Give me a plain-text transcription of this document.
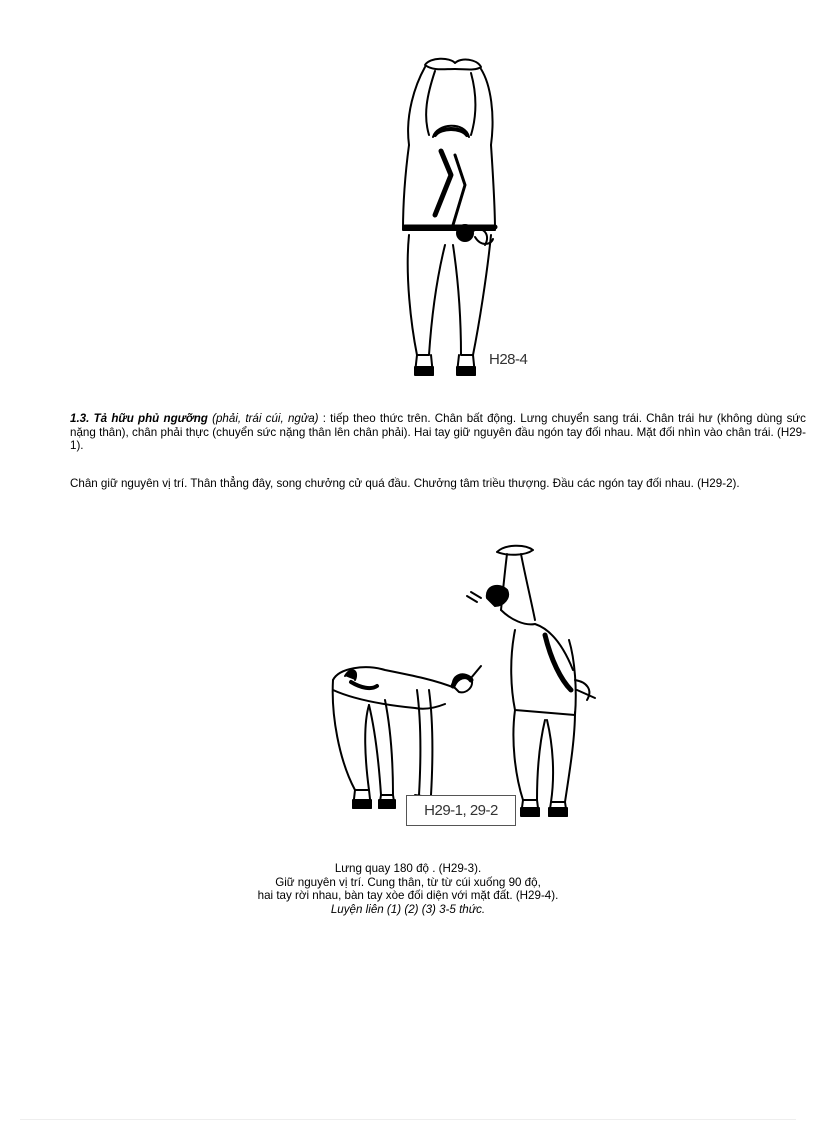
H28-4
1.3. Tả hữu phủ ngưỡng (phải, trái cúi, ngửa) : tiếp theo thức trên. Chân bất động. Lưng chuyển sang trái. Chân trái hư (không dùng sức nặng thân), chân phải thực (chuyển sức nặng thân lên chân phải). Hai tay giữ nguyên đầu ngón tay đối nhau. Mặt đối nhìn vào chân trái. (H29-1).
Chân giữ nguyên vị trí. Thân thẳng đây, song chưởng cử quá đầu. Chưởng tâm triều thượng. Đầu các ngón tay đối nhau. (H29-2).
H29-1, 29-2
Lưng quay 180 độ . (H29-3).
Giữ nguyên vị trí. Cung thân, từ từ cúi xuống 90 độ,
hai tay rời nhau, bàn tay xòe đối diện với mặt đất. (H29-4).
Luyện liên (1) (2) (3) 3-5 thức.
